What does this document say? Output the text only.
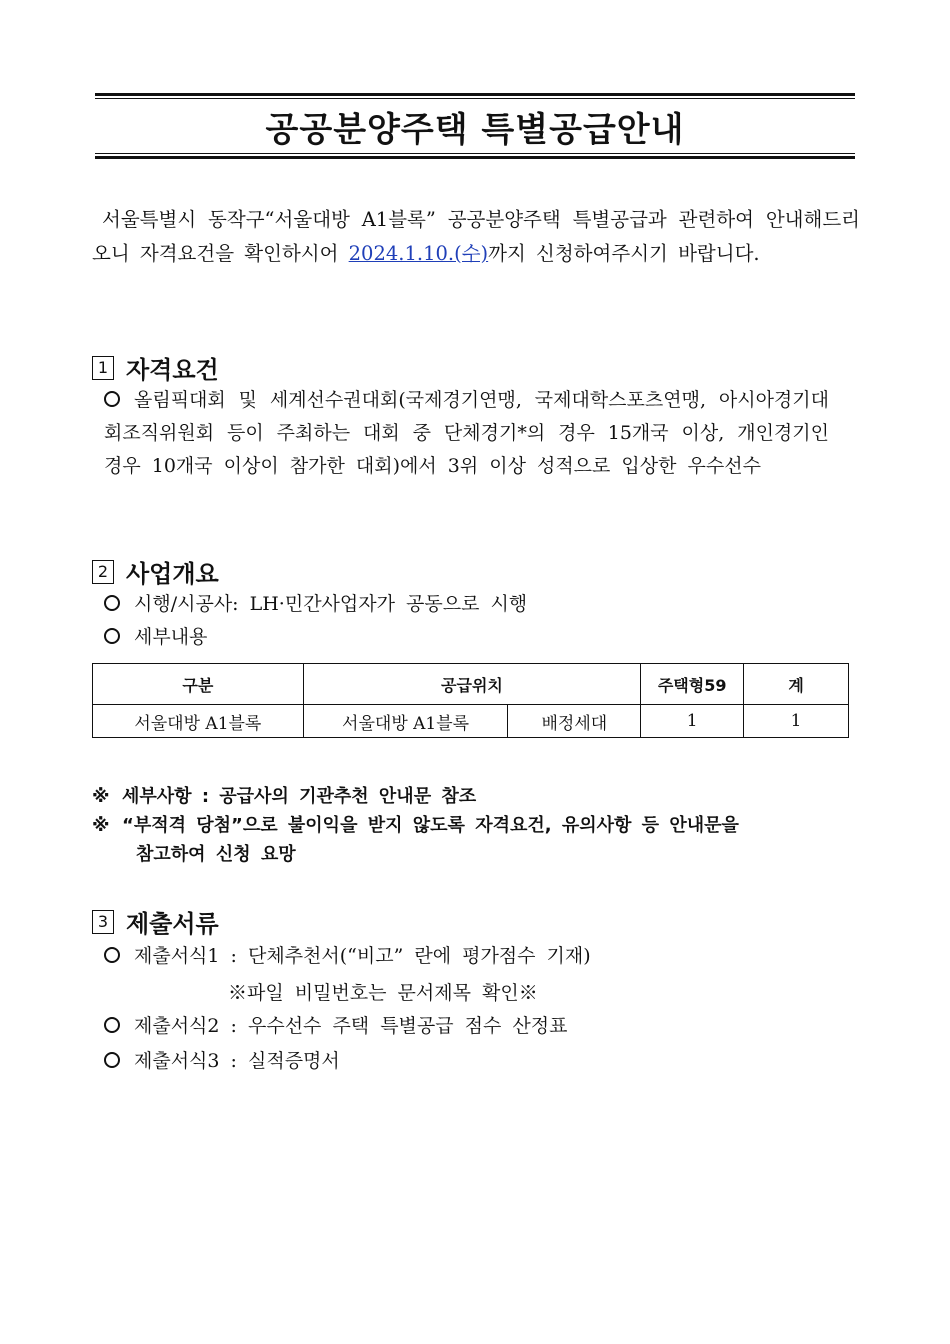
공공분양주택 특별공급안내
서울특별시 동작구“서울대방 A1블록” 공공분양주택 특별공급과 관련하여 안내해드리오니 자격요건을 확인하시어 2024.1.10.(수)까지 신청하여주시기 바랍니다.
1 자격요건
올림픽대회 및 세계선수권대회(국제경기연맹, 국제대학스포츠연맹, 아시아경기대회조직위원회 등이 주최하는 대회 중 단체경기*의 경우 15개국 이상, 개인경기인 경우 10개국 이상이 참가한 대회)에서 3위 이상 성적으로 입상한 우수선수
2 사업개요
시행/시공사: LH·민간사업자가 공동으로 시행
세부내용
구분	공급위치		주택형59	계
서울대방 A1블록	서울대방 A1블록	배정세대	1	1
※ 세부사항 : 공급사의 기관추천 안내문 참조
※ “부적격 당첨”으로 불이익을 받지 않도록 자격요건, 유의사항 등 안내문을
참고하여 신청 요망
3 제출서류
제출서식1 : 단체추천서(“비고” 란에 평가점수 기재)
※파일 비밀번호는 문서제목 확인※
제출서식2 : 우수선수 주택 특별공급 점수 산정표
제출서식3 : 실적증명서
